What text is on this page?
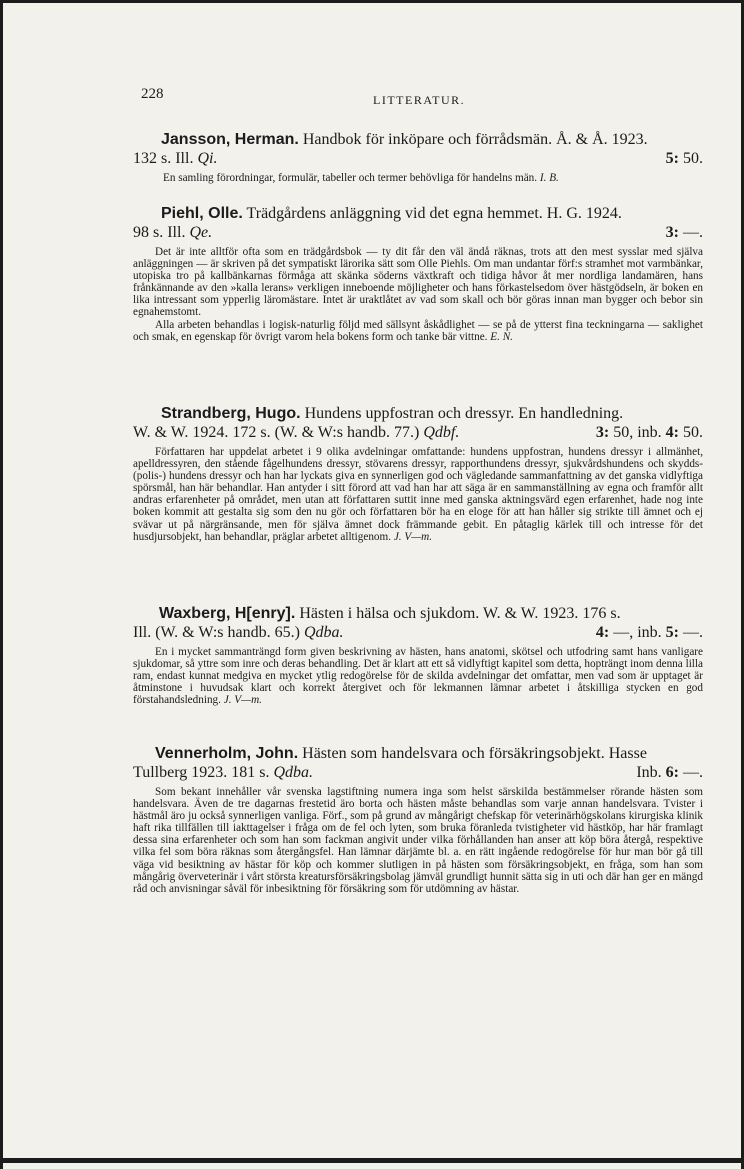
228	LITTERATUR.
Jansson, Herman. Handbok för inköpare och förrådsmän. Å. & Å. 1923.
132 s. Ill. Qi.	5: 50.

En samling förordningar, formulär, tabeller och termer behövliga för handelns män. I. B.

Piehl, Olle. Trädgårdens anläggning vid det egna hemmet. H. G. 1924.
98 s. Ill. Qe.	3: —.

Det är inte alltför ofta som en trädgårdsbok — ty dit får den väl ändå räknas, trots att den mest sysslar med själva anläggningen — är skriven på det sympatiskt lärorika sätt som Olle Piehls. Om man undantar förf:s stramhet mot varmbänkar, utopiska tro på kallbänkarnas förmåga att skänka söderns växtkraft och tidiga håvor åt mer nordliga landamären, hans frånkännande av den »kalla lerans» verkligen inneboende möjligheter och hans förkastelsedom över hästgödseln, är boken en lika intressant som ypperlig läromästare. Intet är uraktlåtet av vad som skall och bör göras innan man bygger och bebor sin egnahemstomt.

Alla arbeten behandlas i logisk-naturlig följd med sällsynt åskådlighet — se på de ytterst fina teckningarna — saklighet och smak, en egenskap för övrigt varom hela bokens form och tanke bär vittne. E. N.

Strandberg, Hugo. Hundens uppfostran och dressyr. En handledning.
W. & W. 1924. 172 s. (W. & W:s handb. 77.) Qdbf.	3: 50, inb. 4: 50.

Författaren har uppdelat arbetet i 9 olika avdelningar omfattande: hundens uppfostran, hundens dressyr i allmänhet, apelldressyren, den stående fågelhundens dressyr, stövarens dressyr, rapporthundens dressyr, sjukvårdshundens och skydds- (polis-) hundens dressyr och han har lyckats giva en synnerligen god och vägledande sammanfattning av det ganska vidlyftiga spörsmål, han här behandlar. Han antyder i sitt förord att vad han har att säga är en sammanställning av egna och framför allt andras erfarenheter på området, men utan att författaren suttit inne med ganska aktningsvärd egen erfarenhet, hade nog inte boken kommit att gestalta sig som den nu gör och författaren bör ha en eloge för att han håller sig strikte till ämnet och ej svävar ut på närgränsande, men för själva ämnet dock främmande gebit. En påtaglig kärlek till och intresse för det husdjursobjekt, han behandlar, präglar arbetet alltigenom. J. V—m.

Waxberg, H[enry]. Hästen i hälsa och sjukdom. W. & W. 1923. 176 s.
Ill. (W. & W:s handb. 65.) Qdba.	4: —, inb. 5: —.

En i mycket sammanträngd form given beskrivning av hästen, hans anatomi, skötsel och utfodring samt hans vanligare sjukdomar, så yttre som inre och deras behandling. Det är klart att ett så vidlyftigt kapitel som detta, hopträngt inom denna lilla ram, endast kunnat medgiva en mycket ytlig redogörelse för de skilda avdelningar det omfattar, men vad som är upptaget är åtminstone i huvudsak klart och korrekt återgivet och för lekmannen lämnar arbetet i åtskilliga stycken en god förstahandsledning. J. V—m.

Vennerholm, John. Hästen som handelsvara och försäkringsobjekt. Hasse
Tullberg 1923. 181 s. Qdba.	Inb. 6: —.

Som bekant innehåller vår svenska lagstiftning numera inga som helst särskilda bestämmelser rörande hästen som handelsvara. Även de tre dagarnas frestetid äro borta och hästen måste behandlas som varje annan handelsvara. Tvister i hästmål äro ju också synnerligen vanliga. Förf., som på grund av mångårigt chefskap för veterinärhögskolans kirurgiska klinik haft rika tillfällen till iakttagelser i fråga om de fel och lyten, som bruka föranleda tvistigheter vid hästköp, har här framlagt dessa sina erfarenheter och som han som fackman angivit under vilka förhållanden han anser att köp böra återgå, respektive vilka fel som böra räknas som återgångsfel. Han lämnar därjämte bl. a. en rätt ingående redogörelse för hur man bör gå till väga vid besiktning av hästar för köp och kommer slutligen in på hästen som försäkringsobjekt, en fråga, som han som mångårig överveterinär i vårt största kreatursförsäkringsbolag jämväl grundligt hunnit sätta sig in uti och där han ger en mängd råd och anvisningar såväl för inbesiktning för försäkring som för utdömning av hästar.
